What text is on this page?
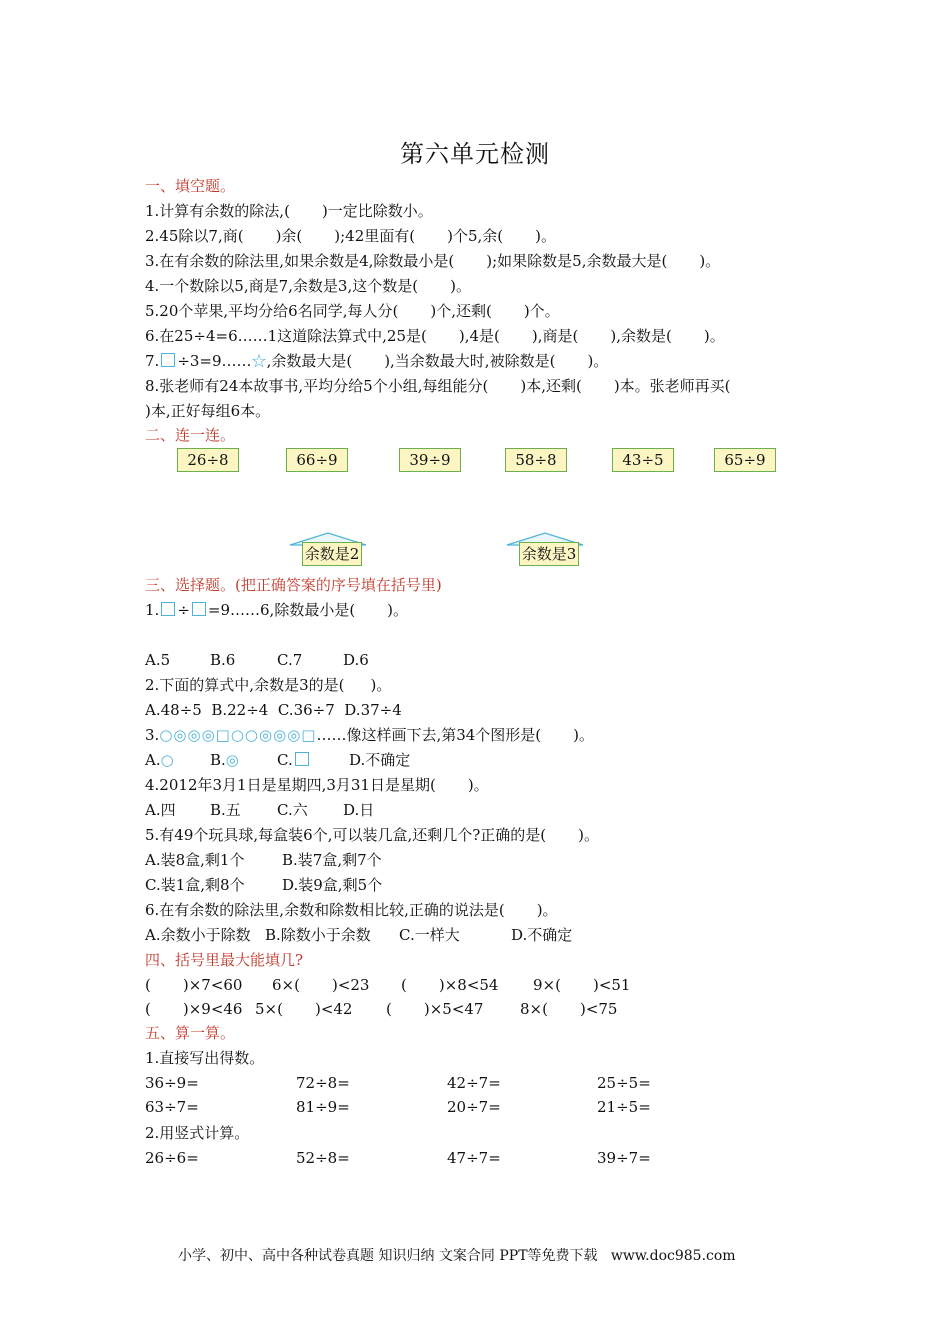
第六单元检测
一、填空题。
1.计算有余数的除法,( )一定比除数小。
2.45除以7,商( )余( );42里面有( )个5,余( )。
3.在有余数的除法里,如果余数是4,除数最小是( );如果除数是5,余数最大是( )。
4.一个数除以5,商是7,余数是3,这个数是( )。
5.20个苹果,平均分给6名同学,每人分( )个,还剩( )个。
6.在25÷4=6……1这道除法算式中,25是( ),4是( ),商是( ),余数是( )。
7. ÷3=9……☆,余数最大是( ),当余数最大时,被除数是( )。
8.张老师有24本故事书,平均分给5个小组,每组能分( )本,还剩( )本。张老师再买(
)本,正好每组6本。
二、连一连。
26÷8	66÷9	39÷9	58÷8	43÷5	65÷9
余数是2	余数是3
三、选择题。(把正确答案的序号填在括号里)
1. ÷ =9……6,除数最小是( )。
A.5	B.6	C.7	D.6
2.下面的算式中,余数是3的是( )。
A.48÷5  B.22÷4  C.36÷7  D.37÷4
3.○◎◎◎□○○◎◎◎□……像这样画下去,第34个图形是( )。
A.○ B.◎ C.	D.不确定
4.2012年3月1日是星期四,3月31日是星期( )。
A.四 B.五 C.六 D.日
5.有49个玩具球,每盒装6个,可以装几盒,还剩几个?正确的是( )。
A.装8盒,剩1个	B.装7盒,剩7个
C.装1盒,剩8个 D.装9盒,剩5个
6.在有余数的除法里,余数和除数相比较,正确的说法是( )。
A.余数小于除数 B.除数小于余数 C.一样大	D.不确定
四、括号里最大能填几?
( )×7<60 6×( )<23 ( )×8<54 9×( )<51
( )×9<46 5×( )<42 ( )×5<47 8×( )<75
五、算一算。
1.直接写出得数。
36÷9=	72÷8=	42÷7=	25÷5=
63÷7=	81÷9=	20÷7=	21÷5=
2.用竖式计算。
26÷6=	52÷8=	47÷7=	39÷7=
小学、初中、高中各种试卷真题 知识归纳 文案合同 PPT等免费下载   www.doc985.com
